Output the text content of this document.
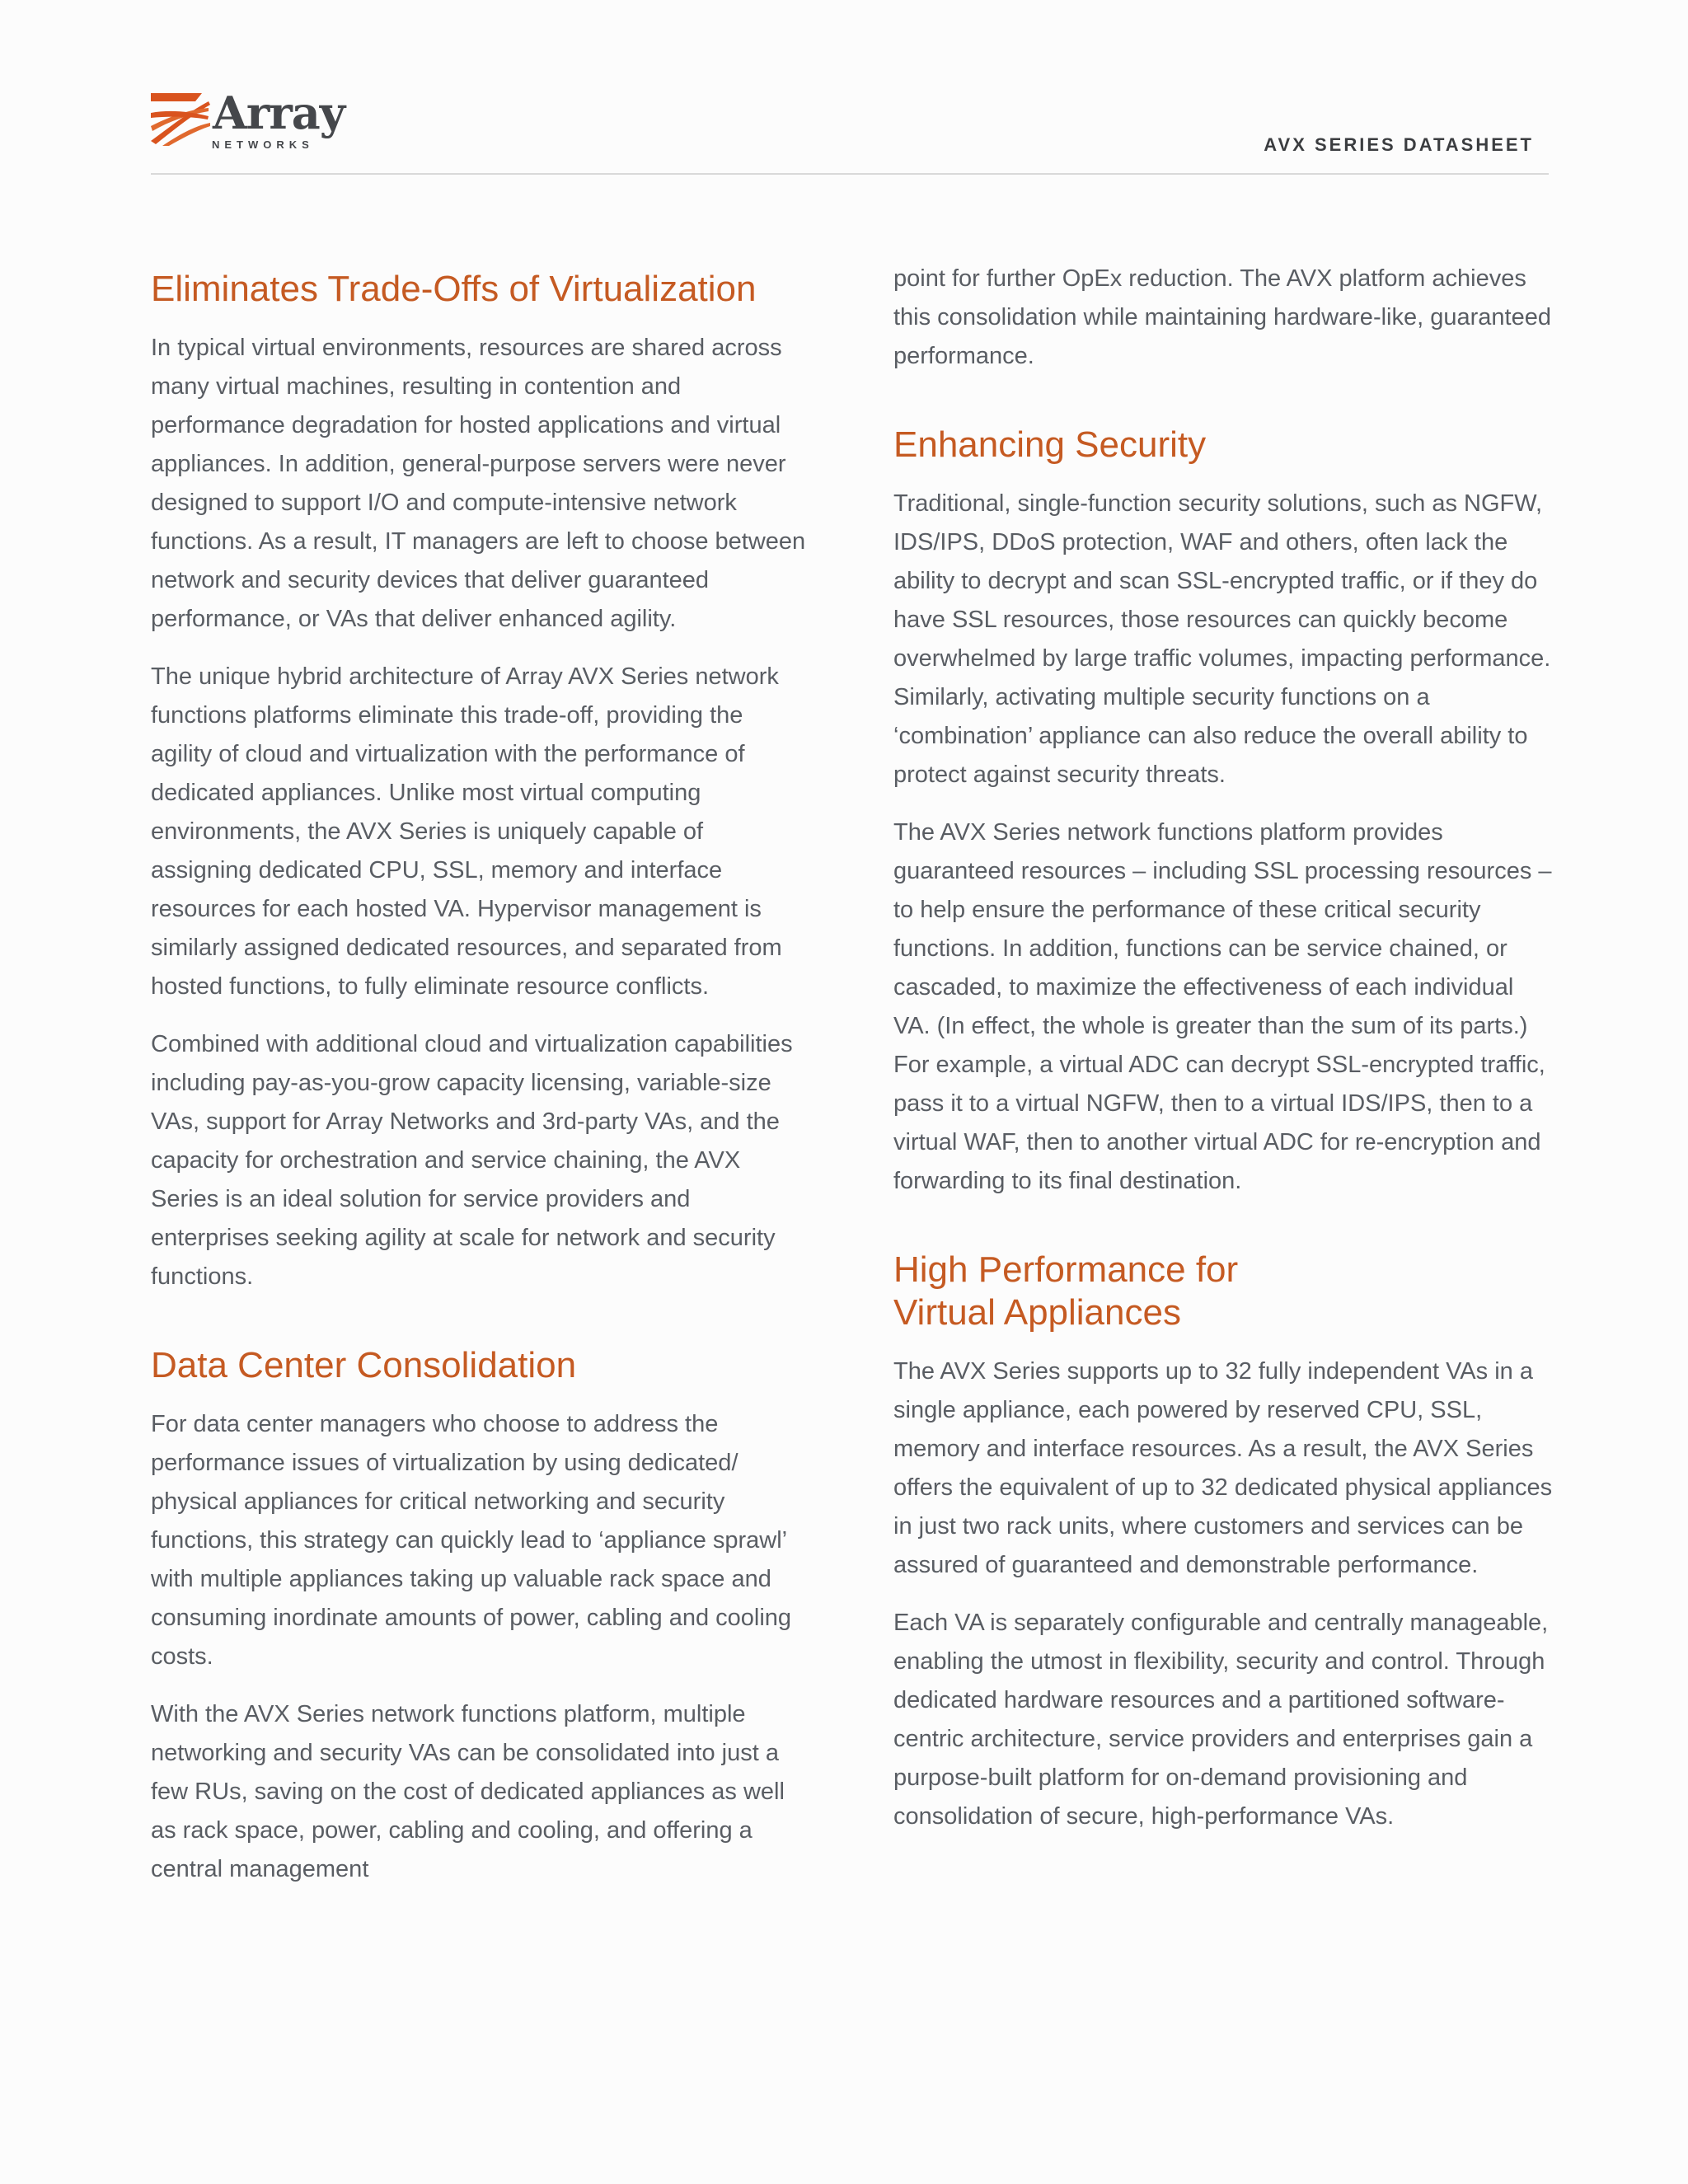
Array
NETWORKS	AVX SERIES DATASHEET
Eliminates Trade-Offs of Virtualization

In typical virtual environments, resources are shared across many virtual machines, resulting in contention and performance degradation for hosted applications and virtual appliances. In addition, general-purpose servers were never designed to support I/O and compute-intensive network functions. As a result, IT managers are left to choose between network and security devices that deliver guaranteed performance, or VAs that deliver enhanced agility.

The unique hybrid architecture of Array AVX Series network functions platforms eliminate this trade-off, providing the agility of cloud and virtualization with the performance of dedicated appliances. Unlike most virtual computing environments, the AVX Series is uniquely capable of assigning dedicated CPU, SSL, memory and interface resources for each hosted VA. Hypervisor management is similarly assigned dedicated resources, and separated from hosted functions, to fully eliminate resource conflicts.

Combined with additional cloud and virtualization capabilities including pay-as-you-grow capacity licensing, variable-size VAs, support for Array Networks and 3rd-party VAs, and the capacity for orchestration and service chaining, the AVX Series is an ideal solution for service providers and enterprises seeking agility at scale for network and security functions.

Data Center Consolidation

For data center managers who choose to address the performance issues of virtualization by using dedicated/ physical appliances for critical networking and security functions, this strategy can quickly lead to ‘appliance sprawl’ with multiple appliances taking up valuable rack space and consuming inordinate amounts of power, cabling and cooling costs.

With the AVX Series network functions platform, multiple networking and security VAs can be consolidated into just a few RUs, saving on the cost of dedicated appliances as well as rack space, power, cabling and cooling, and offering a central management

point for further OpEx reduction. The AVX platform achieves this consolidation while maintaining hardware-like, guaranteed performance.

Enhancing Security

Traditional, single-function security solutions, such as NGFW, IDS/IPS, DDoS protection, WAF and others, often lack the ability to decrypt and scan SSL-encrypted traffic, or if they do have SSL resources, those resources can quickly become overwhelmed by large traffic volumes, impacting performance. Similarly, activating multiple security functions on a ‘combination’ appliance can also reduce the overall ability to protect against security threats.

The AVX Series network functions platform provides guaranteed resources – including SSL processing resources – to help ensure the performance of these critical security functions. In addition, functions can be service chained, or cascaded, to maximize the effectiveness of each individual VA. (In effect, the whole is greater than the sum of its parts.) For example, a virtual ADC can decrypt SSL-encrypted traffic, pass it to a virtual NGFW, then to a virtual IDS/IPS, then to a virtual WAF, then to another virtual ADC for re-encryption and forwarding to its final destination.

High Performance for
Virtual Appliances

The AVX Series supports up to 32 fully independent VAs in a single appliance, each powered by reserved CPU, SSL, memory and interface resources. As a result, the AVX Series offers the equivalent of up to 32 dedicated physical appliances in just two rack units, where customers and services can be assured of guaranteed and demonstrable performance.

Each VA is separately configurable and centrally manageable, enabling the utmost in flexibility, security and control. Through dedicated hardware resources and a partitioned software-centric architecture, service providers and enterprises gain a purpose-built platform for on-demand provisioning and consolidation of secure, high-performance VAs.
